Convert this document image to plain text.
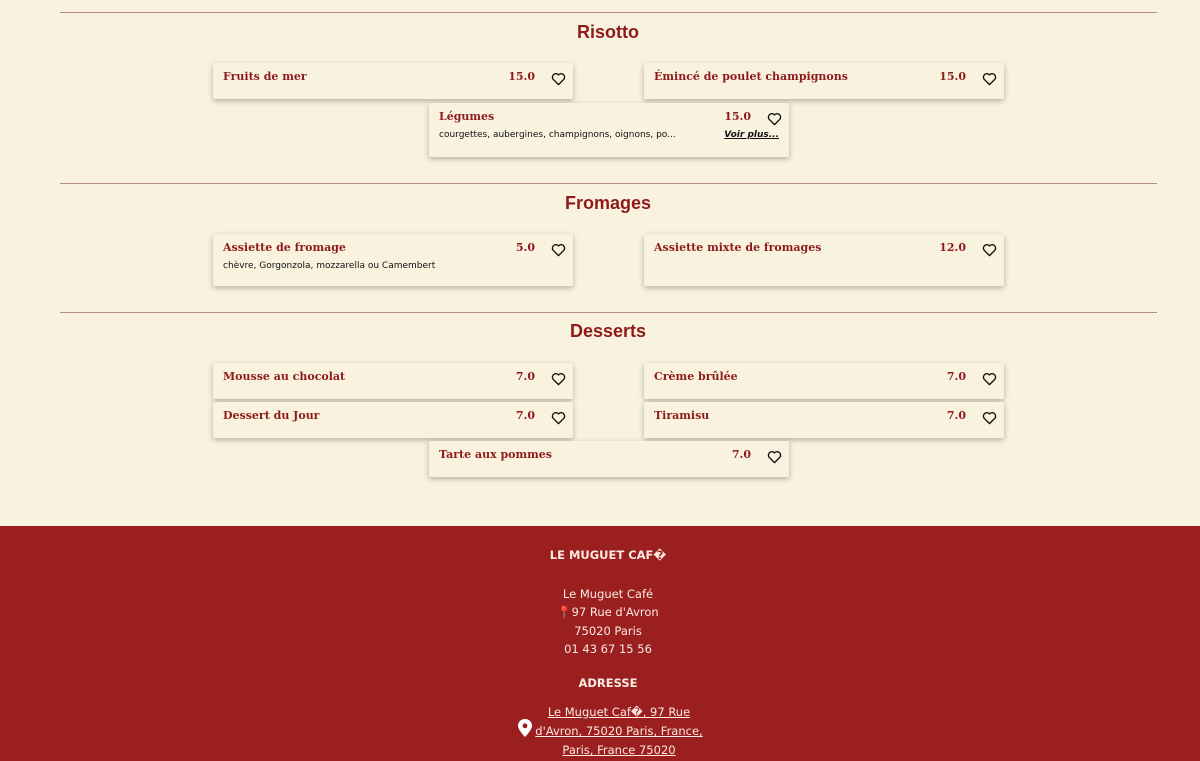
Risotto
Fruits de mer	15.0	Émincé de poulet champignons	15.0
Légumes	15.0
courgettes, aubergines, champignons, oignons, po...	Voir plus...
Fromages
Assiette de fromage	5.0
chèvre, Gorgonzola, mozzarella ou Camembert
Assiette mixte de fromages	12.0
Desserts
Mousse au chocolat	7.0	Crème brûlée	7.0
Dessert du Jour	7.0	Tiramisu	7.0
Tarte aux pommes	7.0
LE MUGUET CAF�
Le Muguet Café
📍97 Rue d'Avron
75020 Paris
01 43 67 15 56
ADRESSE
Le Muguet Caf�, 97 Rue
d'Avron, 75020 Paris, France,
Paris, France 75020
